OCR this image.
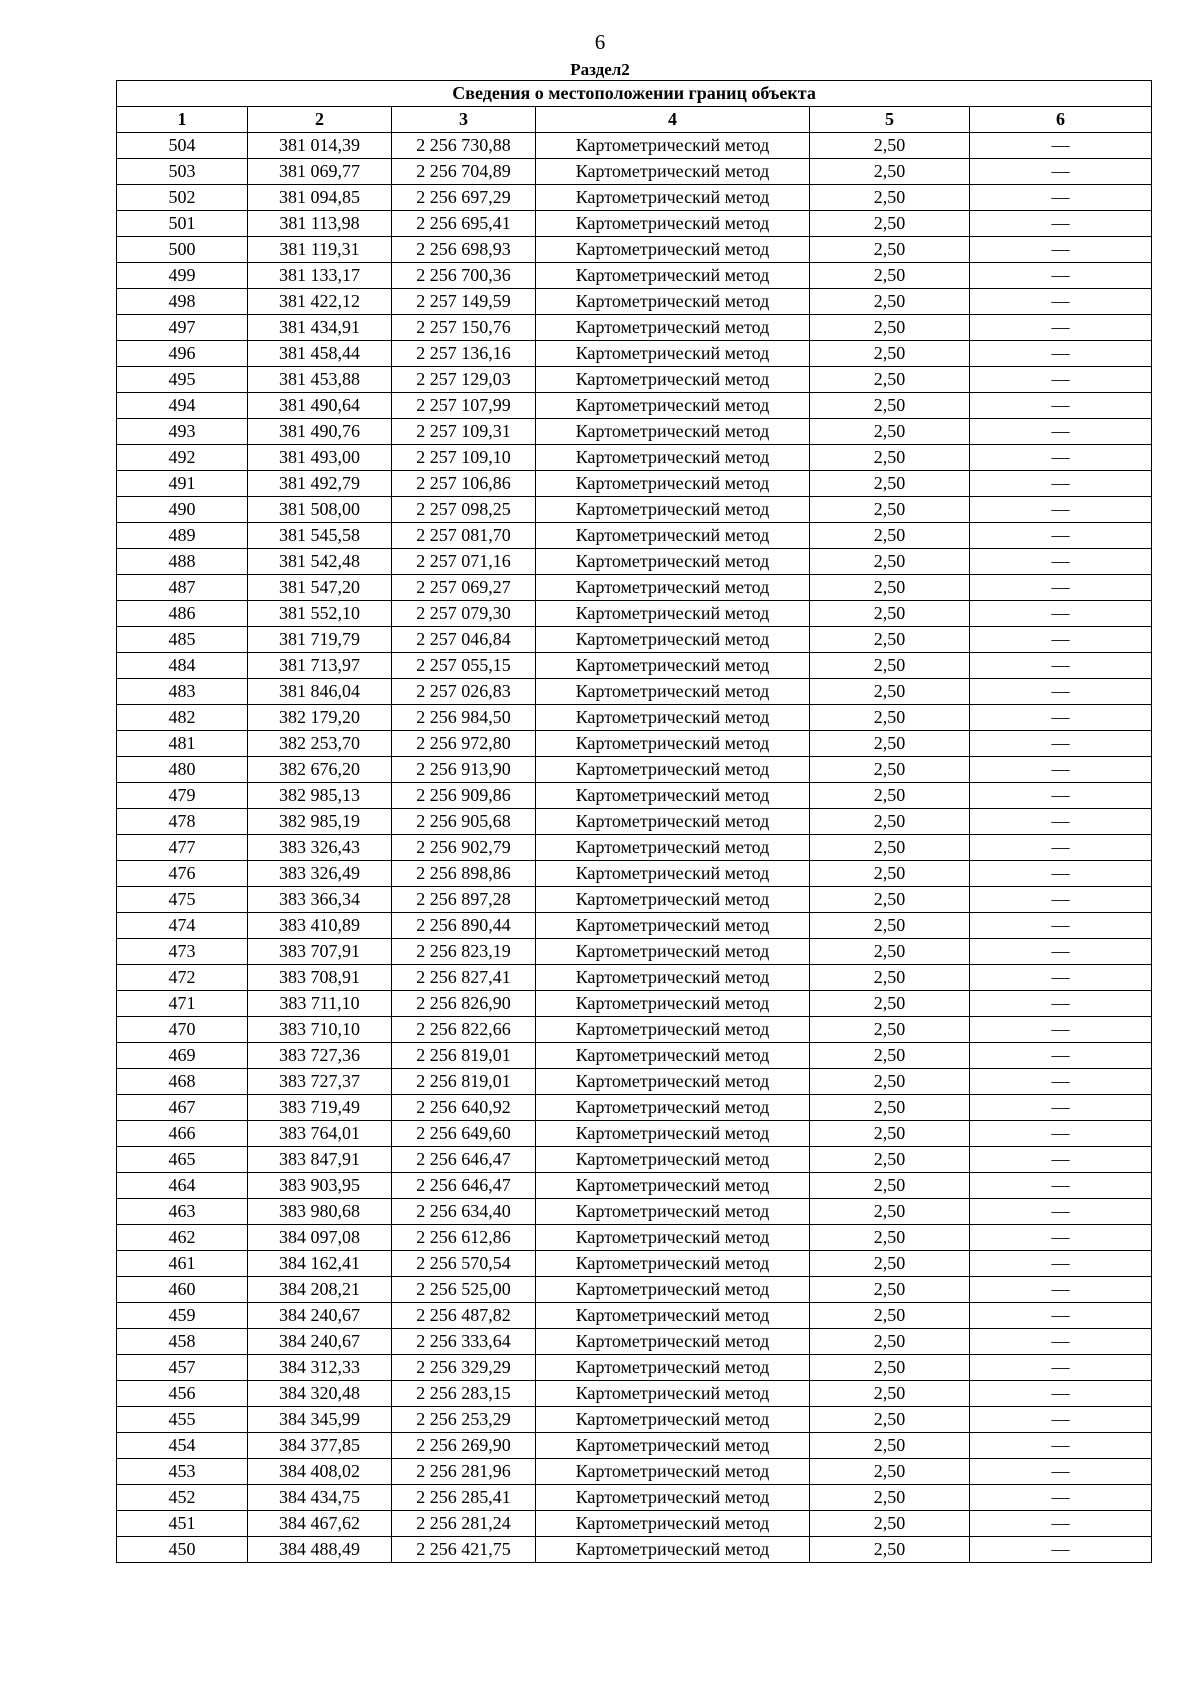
6
Раздел2
Сведения о местоположении границ объекта					
1	2	3	4	5	6
504	381 014,39	2 256 730,88	Картометрический метод	2,50	—
503	381 069,77	2 256 704,89	Картометрический метод	2,50	—
502	381 094,85	2 256 697,29	Картометрический метод	2,50	—
501	381 113,98	2 256 695,41	Картометрический метод	2,50	—
500	381 119,31	2 256 698,93	Картометрический метод	2,50	—
499	381 133,17	2 256 700,36	Картометрический метод	2,50	—
498	381 422,12	2 257 149,59	Картометрический метод	2,50	—
497	381 434,91	2 257 150,76	Картометрический метод	2,50	—
496	381 458,44	2 257 136,16	Картометрический метод	2,50	—
495	381 453,88	2 257 129,03	Картометрический метод	2,50	—
494	381 490,64	2 257 107,99	Картометрический метод	2,50	—
493	381 490,76	2 257 109,31	Картометрический метод	2,50	—
492	381 493,00	2 257 109,10	Картометрический метод	2,50	—
491	381 492,79	2 257 106,86	Картометрический метод	2,50	—
490	381 508,00	2 257 098,25	Картометрический метод	2,50	—
489	381 545,58	2 257 081,70	Картометрический метод	2,50	—
488	381 542,48	2 257 071,16	Картометрический метод	2,50	—
487	381 547,20	2 257 069,27	Картометрический метод	2,50	—
486	381 552,10	2 257 079,30	Картометрический метод	2,50	—
485	381 719,79	2 257 046,84	Картометрический метод	2,50	—
484	381 713,97	2 257 055,15	Картометрический метод	2,50	—
483	381 846,04	2 257 026,83	Картометрический метод	2,50	—
482	382 179,20	2 256 984,50	Картометрический метод	2,50	—
481	382 253,70	2 256 972,80	Картометрический метод	2,50	—
480	382 676,20	2 256 913,90	Картометрический метод	2,50	—
479	382 985,13	2 256 909,86	Картометрический метод	2,50	—
478	382 985,19	2 256 905,68	Картометрический метод	2,50	—
477	383 326,43	2 256 902,79	Картометрический метод	2,50	—
476	383 326,49	2 256 898,86	Картометрический метод	2,50	—
475	383 366,34	2 256 897,28	Картометрический метод	2,50	—
474	383 410,89	2 256 890,44	Картометрический метод	2,50	—
473	383 707,91	2 256 823,19	Картометрический метод	2,50	—
472	383 708,91	2 256 827,41	Картометрический метод	2,50	—
471	383 711,10	2 256 826,90	Картометрический метод	2,50	—
470	383 710,10	2 256 822,66	Картометрический метод	2,50	—
469	383 727,36	2 256 819,01	Картометрический метод	2,50	—
468	383 727,37	2 256 819,01	Картометрический метод	2,50	—
467	383 719,49	2 256 640,92	Картометрический метод	2,50	—
466	383 764,01	2 256 649,60	Картометрический метод	2,50	—
465	383 847,91	2 256 646,47	Картометрический метод	2,50	—
464	383 903,95	2 256 646,47	Картометрический метод	2,50	—
463	383 980,68	2 256 634,40	Картометрический метод	2,50	—
462	384 097,08	2 256 612,86	Картометрический метод	2,50	—
461	384 162,41	2 256 570,54	Картометрический метод	2,50	—
460	384 208,21	2 256 525,00	Картометрический метод	2,50	—
459	384 240,67	2 256 487,82	Картометрический метод	2,50	—
458	384 240,67	2 256 333,64	Картометрический метод	2,50	—
457	384 312,33	2 256 329,29	Картометрический метод	2,50	—
456	384 320,48	2 256 283,15	Картометрический метод	2,50	—
455	384 345,99	2 256 253,29	Картометрический метод	2,50	—
454	384 377,85	2 256 269,90	Картометрический метод	2,50	—
453	384 408,02	2 256 281,96	Картометрический метод	2,50	—
452	384 434,75	2 256 285,41	Картометрический метод	2,50	—
451	384 467,62	2 256 281,24	Картометрический метод	2,50	—
450	384 488,49	2 256 421,75	Картометрический метод	2,50	—
